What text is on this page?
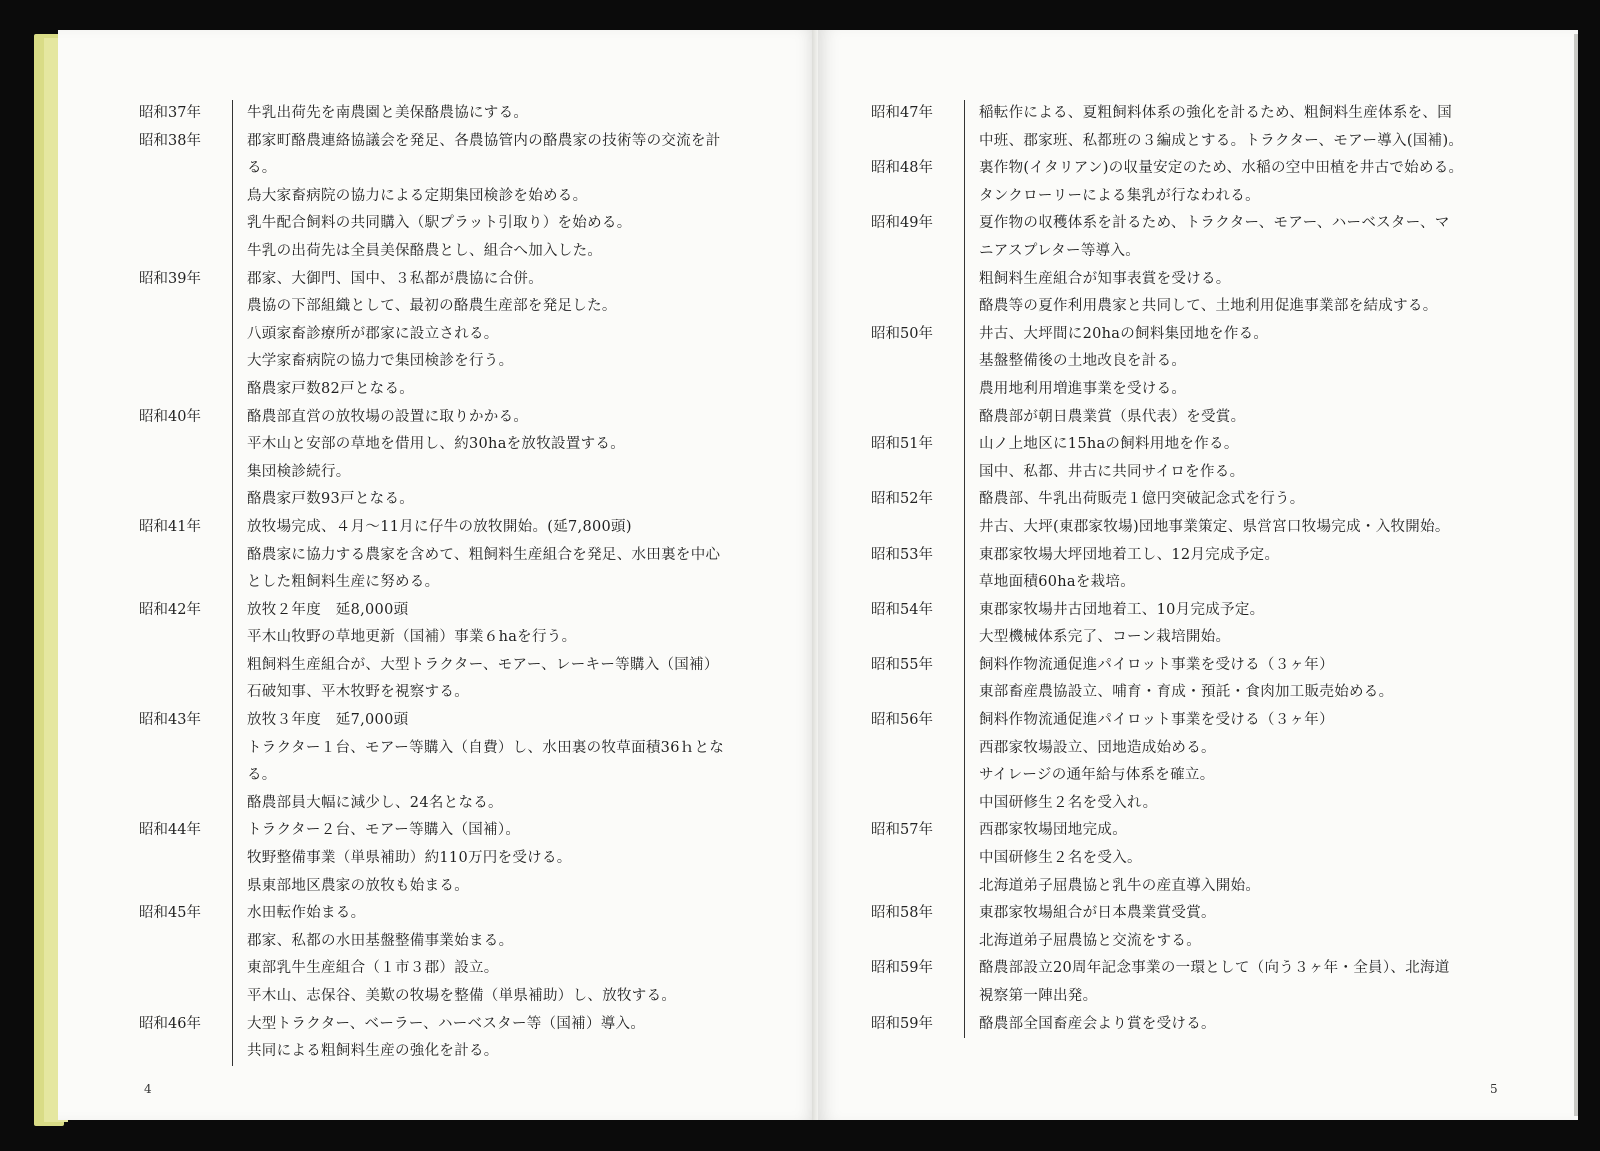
昭和37年	牛乳出荷先を南農園と美保酪農協にする。
昭和38年	郡家町酪農連絡協議会を発足、各農協管内の酪農家の技術等の交流を計
る。
鳥大家畜病院の協力による定期集団検診を始める。
乳牛配合飼料の共同購入（駅プラット引取り）を始める。
牛乳の出荷先は全員美保酪農とし、組合へ加入した。
昭和39年	郡家、大御門、国中、３私都が農協に合併。
農協の下部組織として、最初の酪農生産部を発足した。
八頭家畜診療所が郡家に設立される。
大学家畜病院の協力で集団検診を行う。
酪農家戸数82戸となる。
昭和40年	酪農部直営の放牧場の設置に取りかかる。
平木山と安部の草地を借用し、約30haを放牧設置する。
集団検診続行。
酪農家戸数93戸となる。
昭和41年	放牧場完成、４月～11月に仔牛の放牧開始。(延7,800頭)
酪農家に協力する農家を含めて、粗飼料生産組合を発足、水田裏を中心
とした粗飼料生産に努める。
昭和42年	放牧２年度　延8,000頭
平木山牧野の草地更新（国補）事業６haを行う。
粗飼料生産組合が、大型トラクター、モアー、レーキー等購入（国補）
石破知事、平木牧野を視察する。
昭和43年	放牧３年度　延7,000頭
トラクター１台、モアー等購入（自費）し、水田裏の牧草面積36ｈとな
る。
酪農部員大幅に減少し、24名となる。
昭和44年	トラクター２台、モアー等購入（国補）。
牧野整備事業（単県補助）約110万円を受ける。
県東部地区農家の放牧も始まる。
昭和45年	水田転作始まる。
郡家、私都の水田基盤整備事業始まる。
東部乳牛生産組合（１市３郡）設立。
平木山、志保谷、美歎の牧場を整備（単県補助）し、放牧する。
昭和46年	大型トラクター、ベーラー、ハーベスター等（国補）導入。
共同による粗飼料生産の強化を計る。
4
昭和47年	稲転作による、夏粗飼料体系の強化を計るため、粗飼料生産体系を、国
中班、郡家班、私都班の３編成とする。トラクター、モアー導入(国補)。
昭和48年	裏作物(イタリアン)の収量安定のため、水稲の空中田植を井古で始める。
タンクローリーによる集乳が行なわれる。
昭和49年	夏作物の収穫体系を計るため、トラクター、モアー、ハーベスター、マ
ニアスプレター等導入。
粗飼料生産組合が知事表賞を受ける。
酪農等の夏作利用農家と共同して、土地利用促進事業部を結成する。
昭和50年	井古、大坪間に20haの飼料集団地を作る。
基盤整備後の土地改良を計る。
農用地利用増進事業を受ける。
酪農部が朝日農業賞（県代表）を受賞。
昭和51年	山ノ上地区に15haの飼料用地を作る。
国中、私都、井古に共同サイロを作る。
昭和52年	酪農部、牛乳出荷販売１億円突破記念式を行う。
井古、大坪(東郡家牧場)団地事業策定、県営宮口牧場完成・入牧開始。
昭和53年	東郡家牧場大坪団地着工し、12月完成予定。
草地面積60haを栽培。
昭和54年	東郡家牧場井古団地着工、10月完成予定。
大型機械体系完了、コーン栽培開始。
昭和55年	飼料作物流通促進パイロット事業を受ける（３ヶ年）
東部畜産農協設立、哺育・育成・預託・食肉加工販売始める。
昭和56年	飼料作物流通促進パイロット事業を受ける（３ヶ年）
西郡家牧場設立、団地造成始める。
サイレージの通年給与体系を確立。
中国研修生２名を受入れ。
昭和57年	西郡家牧場団地完成。
中国研修生２名を受入。
北海道弟子屈農協と乳牛の産直導入開始。
昭和58年	東郡家牧場組合が日本農業賞受賞。
北海道弟子屈農協と交流をする。
昭和59年	酪農部設立20周年記念事業の一環として（向う３ヶ年・全員）、北海道
視察第一陣出発。
昭和59年	酪農部全国畜産会より賞を受ける。
5
